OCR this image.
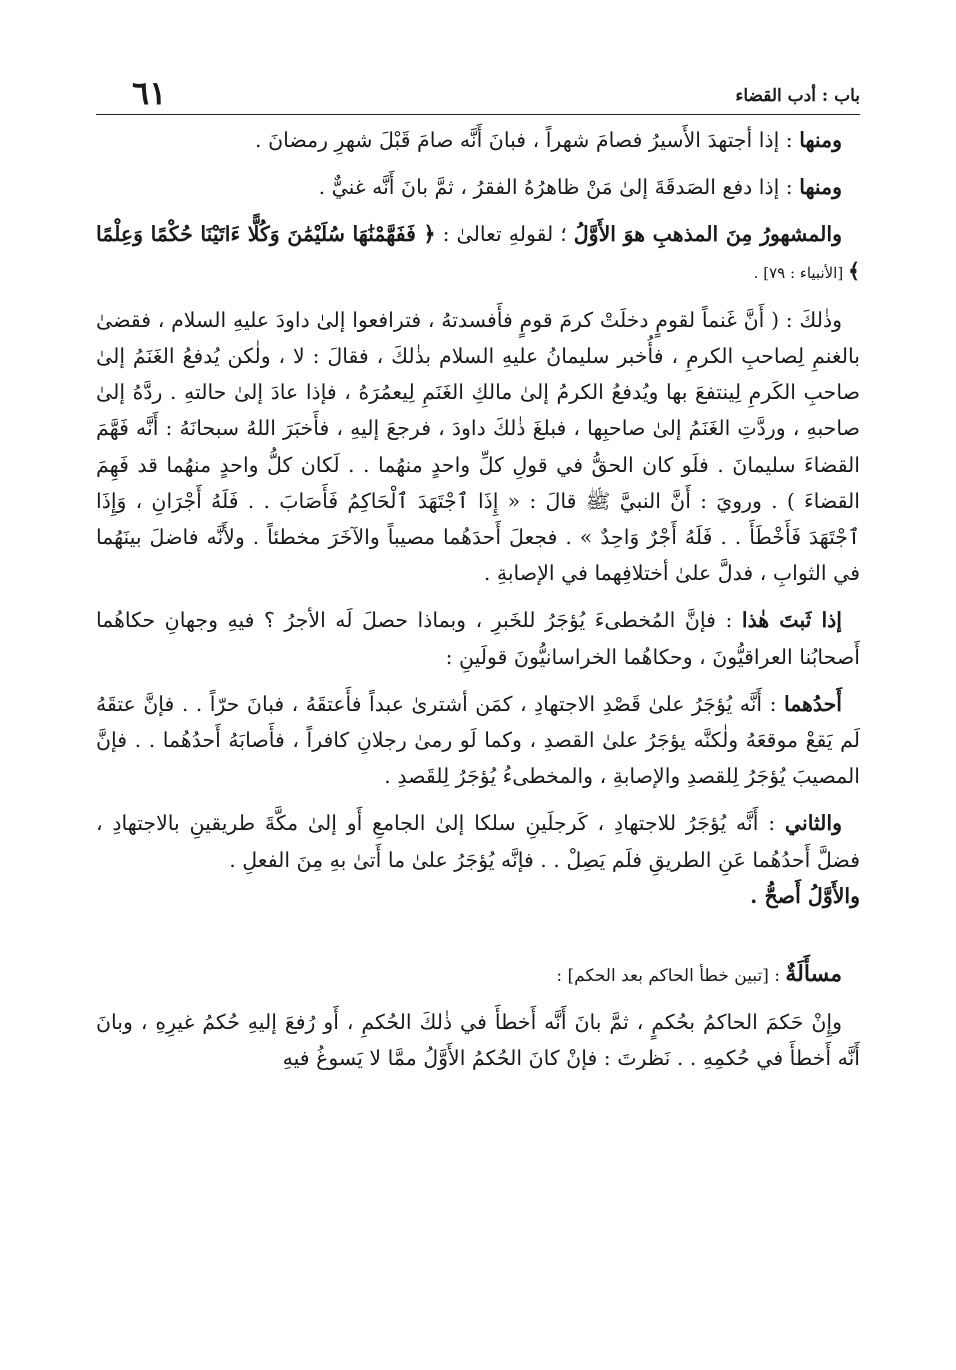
باب : أدب القضاء
٦١

ومنها : إذا أجتهدَ الأَسيرُ فصامَ شهراً ، فبانَ أَنَّه صامَ قَبْلَ شهرِ رمضانَ .

ومنها : إذا دفع الصَدقَةَ إلىٰ مَنْ ظاهرُهُ الفقرُ ، ثمَّ بانَ أَنَّه غنيٌّ .

والمشهورُ مِنَ المذهبِ هوَ الأَوَّلُ ؛ لقولهِ تعالىٰ : ﴿ فَفَهَّمْنَٰهَا سُلَيْمَٰنَ وَكُلًّا ءَاتَيْنَا حُكْمًا وَعِلْمًا ﴾ [الأنبياء : ٧٩] .

وذٰلكَ : ( أَنَّ غَنماً لقومٍ دخلَتْ كرمَ قومٍ فأَفسدتهُ ، فترافعوا إلىٰ داودَ عليهِ السلام ، فقضىٰ بالغنمِ لِصاحبِ الكرمِ ، فأُخبر سليمانُ عليهِ السلام بذٰلكَ ، فقالَ : لا ، ولٰكن يُدفعُ الغَنَمُ إلىٰ صاحبِ الكَرمِ لِينتفعَ بها ويُدفعُ الكرمُ إلىٰ مالكِ الغَنَمِ لِيعمُرَهُ ، فإذا عادَ إلىٰ حالتهِ . ردَّهُ إلىٰ صاحبهِ ، وردَّتِ الغَنَمُ إلىٰ صاحبِها ، فبلغَ ذٰلكَ داودَ ، فرجعَ إليهِ ، فأَخبَرَ اللهُ سبحانَهُ : أَنَّه فَهَّمَ القضاءَ سليمانَ . فلَو كان الحقُّ في قولِ كلِّ واحدٍ منهُما . . لَكان كلُّ واحدٍ منهُما قد فَهِمَ القضاءَ ) . ورويَ : أَنَّ النبيَّ ﷺ قالَ : « إِذَا ٱجْتَهَدَ ٱلْحَاكِمُ فَأَصَابَ . . فَلَهُ أَجْرَانِ ، وَإِذَا ٱجْتَهَدَ فَأَخْطَأَ . . فَلَهُ أَجْرٌ وَاحِدٌ » . فجعلَ أَحدَهُما مصيباً والآخَرَ مخطئاً . ولأَنَّه فاضلَ بينَهُما في الثوابِ ، فدلَّ علىٰ أختلافِهما في الإصابةِ .

إذا ثَبتَ هٰذا : فإنَّ المُخطىءَ يُؤجَرُ للخَبرِ ، وبماذا حصلَ لَه الأجرُ ؟ فيهِ وجهانِ حكاهُما أَصحابُنا العراقيُّونَ ، وحكاهُما الخراسانيُّونَ قولَينِ :

أَحدُهما : أَنَّه يُؤجَرُ علىٰ قَصْدِ الاجتهادِ ، كمَن أشترىٰ عبداً فأَعتقَهُ ، فبانَ حرّاً . . فإنَّ عتقَهُ لَم يَقعْ موقعَهُ ولٰكنَّه يؤجَرُ علىٰ القصدِ ، وكما لَو رمىٰ رجلانِ كافراً ، فأَصابَهُ أَحدُهُما . . فإنَّ المصيبَ يُؤجَرُ لِلقصدِ والإصابةِ ، والمخطىءُ يُؤجَرُ لِلقَصدِ .

والثاني : أَنَّه يُؤجَرُ للاجتهادِ ، كَرجلَينِ سلكا إلىٰ الجامعِ أَو إلىٰ مكَّةَ طريقينِ بالاجتهادِ ، فضلَّ أَحدُهُما عَنِ الطريقِ فلَم يَصِلْ . . فإنَّه يُؤجَرُ علىٰ ما أَتىٰ بهِ مِنَ الفعلِ .
والأَوَّلُ أَصحُّ .

مسأَلَةٌ : [تبين خطأ الحاكم بعد الحكم] :

وإِنْ حَكمَ الحاكمُ بحُكمٍ ، ثمَّ بانَ أَنَّه أَخطأَ في ذٰلكَ الحُكمِ ، أَو رُفعَ إليهِ حُكمُ غيرِهِ ، وبانَ أَنَّه أَخطأَ في حُكمِهِ . . نَظرتَ : فإنْ كانَ الحُكمُ الأَوَّلُ ممَّا لا يَسوغُ فيهِ
